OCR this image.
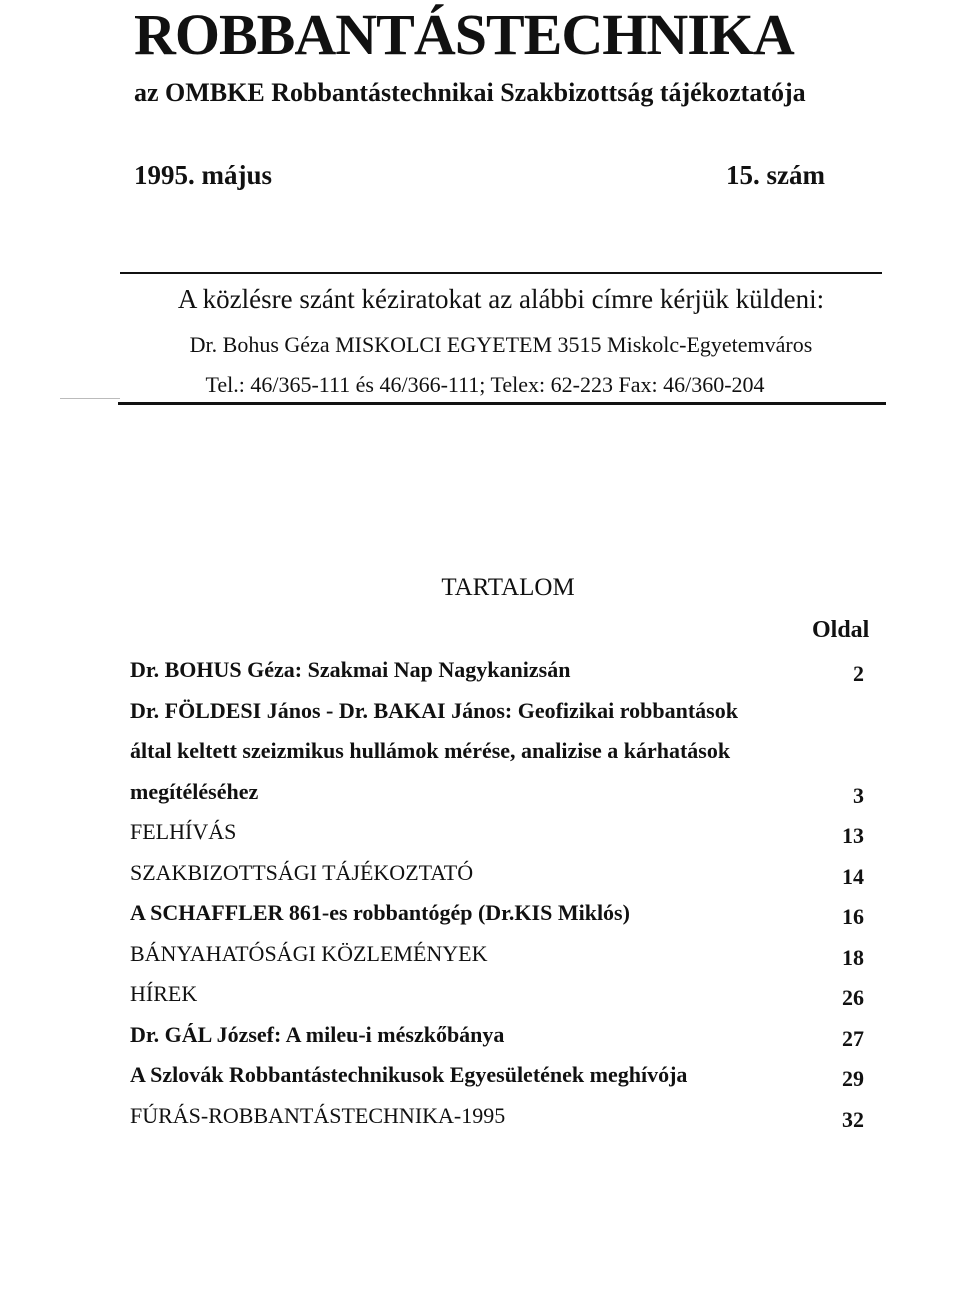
ROBBANTÁSTECHNIKA
az OMBKE Robbantástechnikai Szakbizottság tájékoztatója
1995. május	15. szám
A közlésre szánt kéziratokat az alábbi címre kérjük küldeni:
Dr. Bohus Géza MISKOLCI EGYETEM 3515 Miskolc-Egyetemváros
Tel.: 46/365-111 és 46/366-111; Telex: 62-223 Fax: 46/360-204
TARTALOM
Oldal
Dr. BOHUS Géza: Szakmai Nap Nagykanizsán	2
Dr. FÖLDESI János - Dr. BAKAI János: Geofizikai robbantások
által keltett szeizmikus hullámok mérése, analizise a kárhatások
megítéléséhez	3
FELHÍVÁS	13
SZAKBIZOTTSÁGI TÁJÉKOZTATÓ	14
A SCHAFFLER 861-es robbantógép (Dr.KIS Miklós)	16
BÁNYAHATÓSÁGI KÖZLEMÉNYEK	18
HÍREK	26
Dr. GÁL József: A mileu-i mészkőbánya	27
A Szlovák Robbantástechnikusok Egyesületének meghívója	29
FÚRÁS-ROBBANTÁSTECHNIKA-1995	32
